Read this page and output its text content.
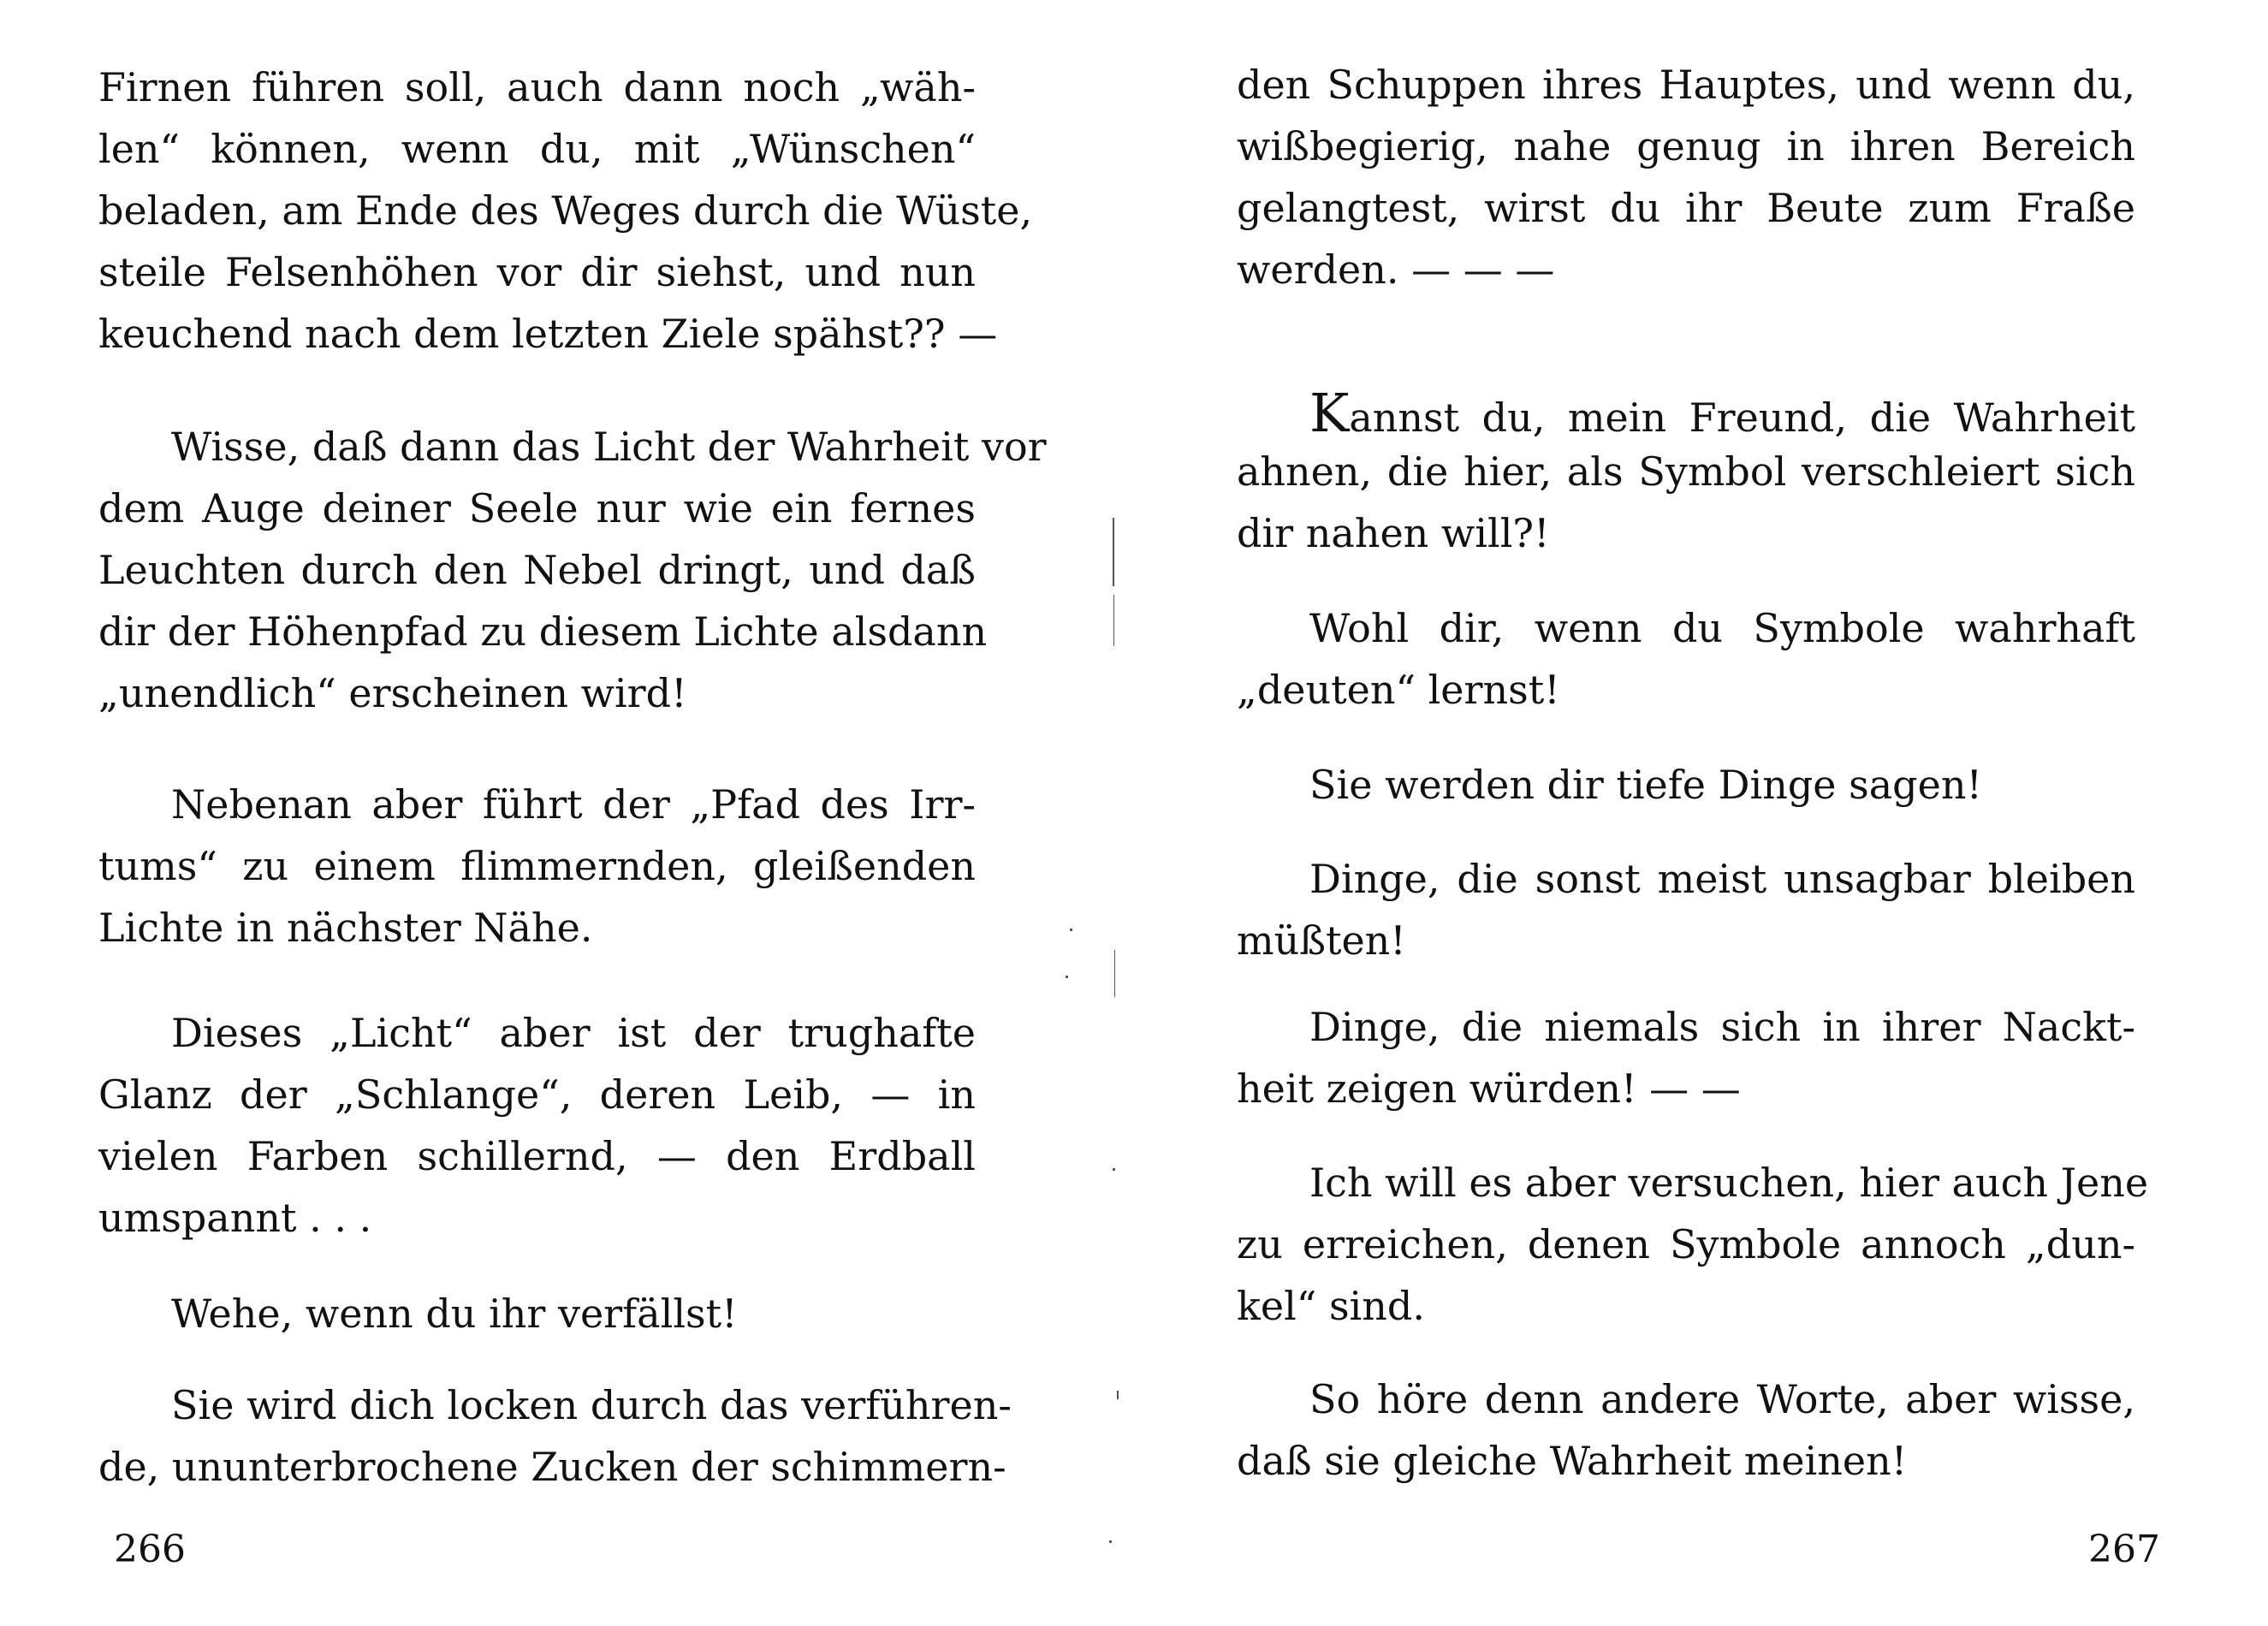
Firnen führen soll, auch dann noch „wäh-
len“ können, wenn du, mit „Wünschen“
beladen, am Ende des Weges durch die Wüste,
steile Felsenhöhen vor dir siehst, und nun
keuchend nach dem letzten Ziele spähst?? —
Wisse, daß dann das Licht der Wahrheit vor
dem Auge deiner Seele nur wie ein fernes
Leuchten durch den Nebel dringt, und daß
dir der Höhenpfad zu diesem Lichte alsdann
„unendlich“ erscheinen wird!
Nebenan aber führt der „Pfad des Irr-
tums“ zu einem flimmernden, gleißenden
Lichte in nächster Nähe.
Dieses „Licht“ aber ist der trughafte
Glanz der „Schlange“, deren Leib, — in
vielen Farben schillernd, — den Erdball
umspannt . . .
Wehe, wenn du ihr verfällst!
Sie wird dich locken durch das verführen-
de, ununterbrochene Zucken der schimmern-
266
den Schuppen ihres Hauptes, und wenn du,
wißbegierig, nahe genug in ihren Bereich
gelangtest, wirst du ihr Beute zum Fraße
werden. — — —
Kannst du, mein Freund, die Wahrheit
ahnen, die hier, als Symbol verschleiert sich
dir nahen will?!
Wohl dir, wenn du Symbole wahrhaft
„deuten“ lernst!
Sie werden dir tiefe Dinge sagen!
Dinge, die sonst meist unsagbar bleiben
müßten!
Dinge, die niemals sich in ihrer Nackt-
heit zeigen würden! — —
Ich will es aber versuchen, hier auch Jene
zu erreichen, denen Symbole annoch „dun-
kel“ sind.
So höre denn andere Worte, aber wisse,
daß sie gleiche Wahrheit meinen!
267
